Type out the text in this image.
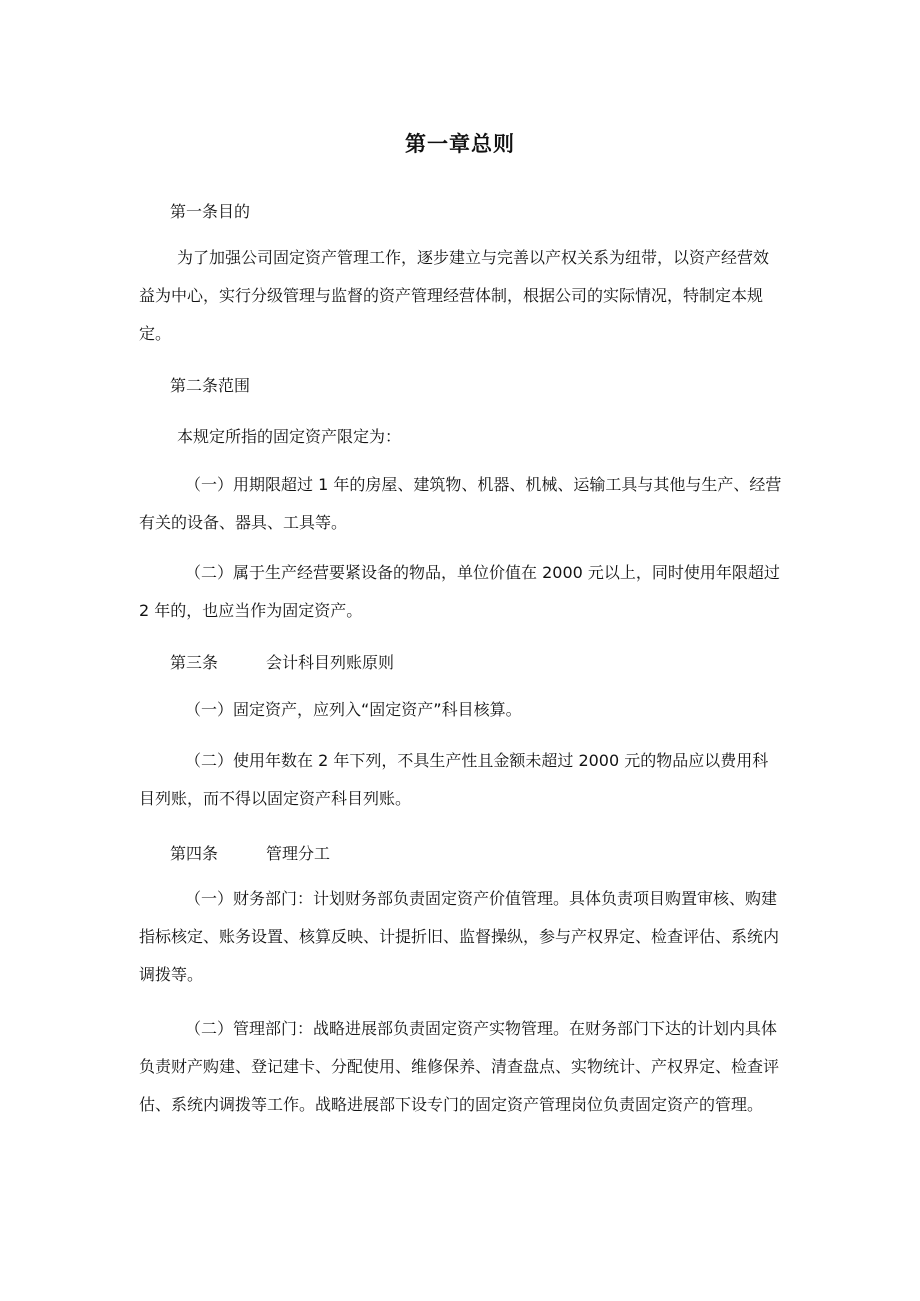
第一章总则
第一条目的
为了加强公司固定资产管理工作，逐步建立与完善以产权关系为纽带，以资产经营效益为中心，实行分级管理与监督的资产管理经营体制，根据公司的实际情况，特制定本规定。
第二条范围
本规定所指的固定资产限定为：
（一）用期限超过 1 年的房屋、建筑物、机器、机械、运输工具与其他与生产、经营有关的设备、器具、工具等。
（二）属于生产经营要紧设备的物品，单位价值在 2000 元以上，同时使用年限超过 2 年的，也应当作为固定资产。
第三条　　　会计科目列账原则
（一）固定资产，应列入“固定资产”科目核算。
（二）使用年数在 2 年下列，不具生产性且金额未超过 2000 元的物品应以费用科目列账，而不得以固定资产科目列账。
第四条　　　管理分工
（一）财务部门：计划财务部负责固定资产价值管理。具体负责项目购置审核、购建指标核定、账务设置、核算反映、计提折旧、监督操纵，参与产权界定、检查评估、系统内调拨等。
（二）管理部门：战略进展部负责固定资产实物管理。在财务部门下达的计划内具体负责财产购建、登记建卡、分配使用、维修保养、清查盘点、实物统计、产权界定、检查评估、系统内调拨等工作。战略进展部下设专门的固定资产管理岗位负责固定资产的管理。
